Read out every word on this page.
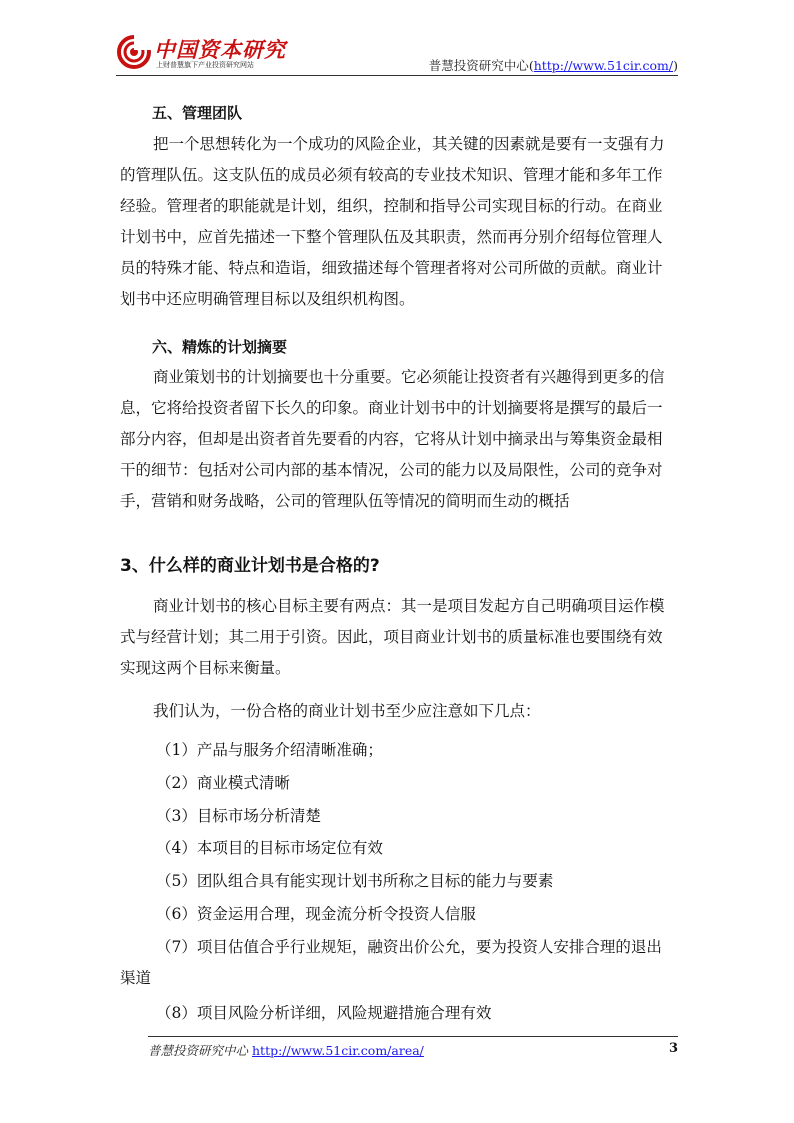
中国资本研究
上财普慧旗下产业投资研究网站	普慧投资研究中心(http://www.51cir.com/)
五、管理团队
把一个思想转化为一个成功的风险企业，其关键的因素就是要有一支强有力
的管理队伍。这支队伍的成员必须有较高的专业技术知识、管理才能和多年工作
经验。管理者的职能就是计划，组织，控制和指导公司实现目标的行动。在商业
计划书中，应首先描述一下整个管理队伍及其职责，然而再分别介绍每位管理人
员的特殊才能、特点和造诣，细致描述每个管理者将对公司所做的贡献。商业计
划书中还应明确管理目标以及组织机构图。
六、精炼的计划摘要
商业策划书的计划摘要也十分重要。它必须能让投资者有兴趣得到更多的信
息，它将给投资者留下长久的印象。商业计划书中的计划摘要将是撰写的最后一
部分内容，但却是出资者首先要看的内容，它将从计划中摘录出与筹集资金最相
干的细节：包括对公司内部的基本情况，公司的能力以及局限性，公司的竞争对
手，营销和财务战略，公司的管理队伍等情况的简明而生动的概括
3、什么样的商业计划书是合格的?
商业计划书的核心目标主要有两点：其一是项目发起方自己明确项目运作模
式与经营计划；其二用于引资。因此，项目商业计划书的质量标准也要围绕有效
实现这两个目标来衡量。
我们认为，一份合格的商业计划书至少应注意如下几点：
（1）产品与服务介绍清晰准确；
（2）商业模式清晰
（3）目标市场分析清楚
（4）本项目的目标市场定位有效
（5）团队组合具有能实现计划书所称之目标的能力与要素
（6）资金运用合理，现金流分析令投资人信服
（7）项目估值合乎行业规矩，融资出价公允，要为投资人安排合理的退出
渠道
（8）项目风险分析详细，风险规避措施合理有效
普慧投资研究中心 http://www.51cir.com/area/	3
